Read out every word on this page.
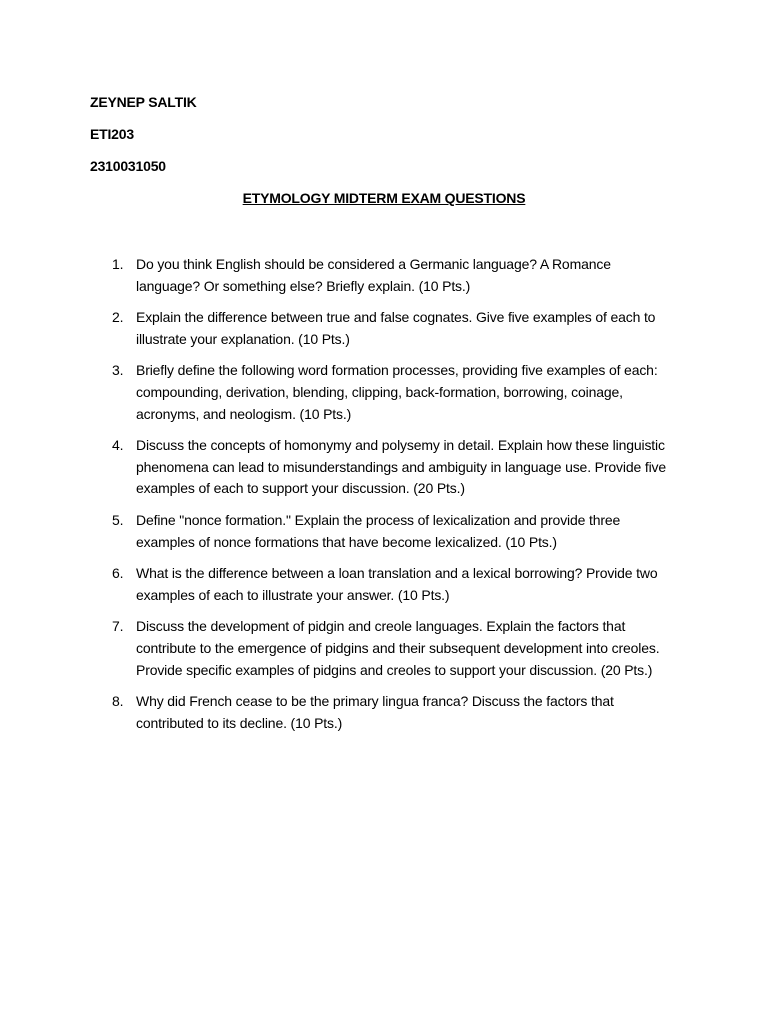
ZEYNEP SALTIK
ETI203
2310031050
ETYMOLOGY MIDTERM EXAM QUESTIONS
1. Do you think English should be considered a Germanic language? A Romance language? Or something else? Briefly explain. (10 Pts.)
2. Explain the difference between true and false cognates. Give five examples of each to illustrate your explanation. (10 Pts.)
3. Briefly define the following word formation processes, providing five examples of each: compounding, derivation, blending, clipping, back-formation, borrowing, coinage, acronyms, and neologism. (10 Pts.)
4. Discuss the concepts of homonymy and polysemy in detail. Explain how these linguistic phenomena can lead to misunderstandings and ambiguity in language use. Provide five examples of each to support your discussion. (20 Pts.)
5. Define "nonce formation." Explain the process of lexicalization and provide three examples of nonce formations that have become lexicalized. (10 Pts.)
6. What is the difference between a loan translation and a lexical borrowing? Provide two examples of each to illustrate your answer. (10 Pts.)
7. Discuss the development of pidgin and creole languages. Explain the factors that contribute to the emergence of pidgins and their subsequent development into creoles. Provide specific examples of pidgins and creoles to support your discussion. (20 Pts.)
8. Why did French cease to be the primary lingua franca? Discuss the factors that contributed to its decline. (10 Pts.)
